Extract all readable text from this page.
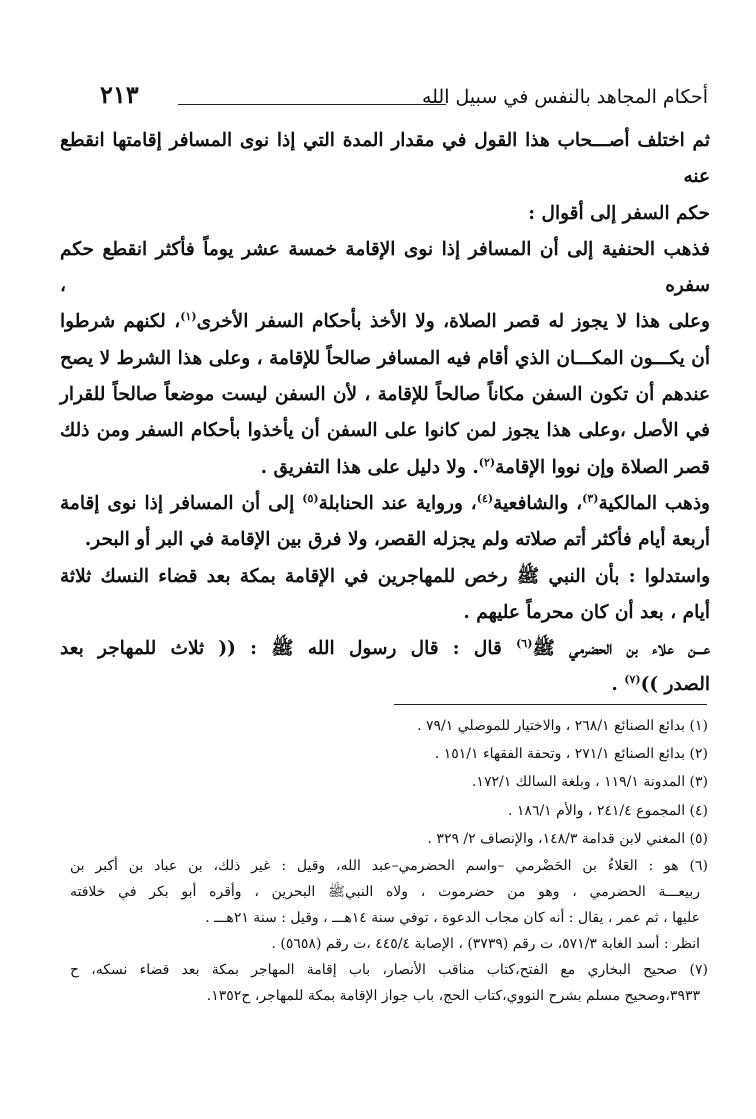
أحكام المجاهد بالنفس في سبيل الله
٢١٣

ثم اختلف أصـــحاب هذا القول في مقدار المدة التي إذا نوى المسافر إقامتها انقطع عنه

حكم السفر إلى أقوال :

فذهب الحنفية إلى أن المسافر إذا نوى الإقامة خمسة عشر يوماً فأكثر انقطع حكم سفره ،

وعلى هذا لا يجوز له قصر الصلاة، ولا الأخذ بأحكام السفر الأخرى$^{(١)}$، لكنهم شرطوا

أن يكـــون المكـــان الذي أقام فيه المسافر صالحاً للإقامة ، وعلى هذا الشرط لا يصح

عندهم أن تكون السفن مكاناً صالحاً للإقامة ، لأن السفن ليست موضعاً صالحاً للقرار

في الأصل ،وعلى هذا يجوز لمن كانوا على السفن أن يأخذوا بأحكام السفر ومن ذلك

قصر الصلاة وإن نووا الإقامة$^{(٢)}$. ولا دليل على هذا التفريق .

وذهب المالكية$^{(٣)}$، والشافعية$^{(٤)}$، ورواية عند الحنابلة$^{(٥)}$ إلى أن المسافر إذا نوى إقامة

أربعة أيام فأكثر أتم صلاته ولم يجزله القصر، ولا فرق بين الإقامة في البر أو البحر.

واستدلوا : بأن النبي ﷺ رخص للمهاجرين في الإقامة بمكة بعد قضاء النسك ثلاثة

أيام ، بعد أن كان محرماً عليهم .

عـــن علاء بن الحضرمي ﷺ$^{(٦)}$ قال : قال رسول الله ﷺ : (( ثلاث للمهاجر بعد

الصدر ))$^{(٧)}$ .

(١) بدائع الصنائع ٢٦٨/١ ، والاختيار للموصلي ٧٩/١ .

(٢) بدائع الصنائع ٢٧١/١ ، وتحفة الفقهاء ١٥١/١ .

(٣) المدونة ١١٩/١ ، وبلغة السالك ١٧٢/١.

(٤) المجموع ٢٤١/٤ ، والأم ١٨٦/١ .

(٥) المغني لابن قدامة ١٤٨/٣، والإنصاف ٢/ ٣٢٩ .

(٦) هو : العَلاءُ بن الحَضْرمي –واسم الحضرمي–عبد الله، وقيل : غير ذلك، بن عباد بن أكبر بن

ربيعـــة الحضرمي ، وهو من حضرموت ، ولاه النبيﷺ البحرين ، وأقره أبو بكر في خلافته

عليها ، ثم عمر ، يقال : أنه كان مجاب الدعوة ، توفي سنة ١٤هـــ ، وقيل : سنة ٢١هـــ .

انظر : أسد الغابة ٥٧١/٣، ت رقم (٣٧٣٩) ، الإصابة ٤٤٥/٤ ،ت رقم (٥٦٥٨) .

(٧) صحيح البخاري مع الفتح،كتاب مناقب الأنصار، باب إقامة المهاجر بمكة بعد قضاء نسكه، ح

٣٩٣٣،وصحيح مسلم بشرح النووي،كتاب الحج، باب جواز الإقامة بمكة للمهاجر، ح١٣٥٢.
